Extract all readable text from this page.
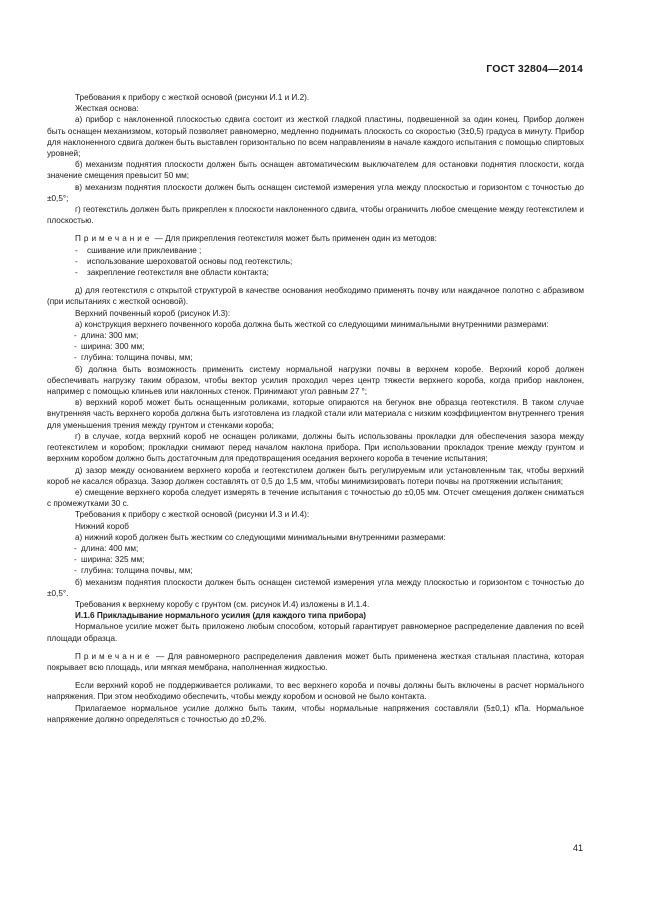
ГОСТ 32804—2014

Требования к прибору с жесткой основой (рисунки И.1 и И.2).

Жесткая основа:

а) прибор с наклоненной плоскостью сдвига состоит из жесткой гладкой пластины, подвешенной за один конец. Прибор должен быть оснащен механизмом, который позволяет равномерно, медленно поднимать плоскость со скоростью (3±0,5) градуса в минуту. Прибор для наклоненного сдвига должен быть выставлен горизонтально по всем направлениям в начале каждого испытания с помощью спиртовых уровней;

б) механизм поднятия плоскости должен быть оснащен автоматическим выключателем для остановки поднятия плоскости, когда значение смещения превысит 50 мм;

в) механизм поднятия плоскости должен быть оснащен системой измерения угла между плоскостью и горизонтом с точностью до ±0,5°;

г) геотекстиль должен быть прикреплен к плоскости наклоненного сдвига, чтобы ограничить любое смещение между геотекстилем и плоскостью.

Примечание — Для прикрепления геотекстиля может быть применен один из методов:

- сшивание или приклеивание ;
- использование шероховатой основы под геотекстиль;
- закрепление геотекстиля вне области контакта;

д) для геотекстиля с открытой структурой в качестве основания необходимо применять почву или наждачное полотно с абразивом (при испытаниях с жесткой основой).

Верхний почвенный короб (рисунок И.3):

а) конструкция верхнего почвенного короба должна быть жесткой со следующими минимальными внутренними размерами:

- длина: 300 мм;
- ширина: 300 мм;
- глубина: толщина почвы, мм;

б) должна быть возможность применить систему нормальной нагрузки почвы в верхнем коробе. Верхний короб должен обеспечивать нагрузку таким образом, чтобы вектор усилия проходил через центр тяжести верхнего короба, когда прибор наклонен, например с помощью клиньев или наклонных стенок. Принимают угол равным 27 °;

в) верхний короб может быть оснащенным роликами, которые опираются на бегунок вне образца геотекстиля. В таком случае внутренняя часть верхнего короба должна быть изготовлена из гладкой стали или материала с низким коэффициентом внутреннего трения для уменьшения трения между грунтом и стенками короба;

г) в случае, когда верхний короб не оснащен роликами, должны быть использованы прокладки для обеспечения зазора между геотекстилем и коробом; прокладки снимают перед началом наклона прибора. При использовании прокладок трение между грунтом и верхним коробом должно быть достаточным для предотвращения оседания верхнего короба в течение испытания;

д) зазор между основанием верхнего короба и геотекстилем должен быть регулируемым или установленным так, чтобы верхний короб не касался образца. Зазор должен составлять от 0,5 до 1,5 мм, чтобы минимизировать потери почвы на протяжении испытания;

е) смещение верхнего короба следует измерять в течение испытания с точностью до ±0,05 мм. Отсчет смещения должен сниматься с промежутками 30 с.

Требования к прибору с жесткой основой (рисунки И.3 и И.4):

Нижний короб

а) нижний короб должен быть жестким со следующими минимальными внутренними размерами:

- длина: 400 мм;
- ширина: 325 мм;
- глубина: толщина почвы, мм;

б) механизм поднятия плоскости должен быть оснащен системой измерения угла между плоскостью и горизонтом с точностью до ±0,5°.

Требования к верхнему коробу с грунтом (см. рисунок И.4) изложены в И.1.4.

И.1.6 Прикладывание нормального усилия (для каждого типа прибора)

Нормальное усилие может быть приложено любым способом, который гарантирует равномерное распределение давления по всей площади образца.

Примечание — Для равномерного распределения давления может быть применена жесткая стальная пластина, которая покрывает всю площадь, или мягкая мембрана, наполненная жидкостью.

Если верхний короб не поддерживается роликами, то вес верхнего короба и почвы должны быть включены в расчет нормального напряжения. При этом необходимо обеспечить, чтобы между коробом и основой не было контакта.

Прилагаемое нормальное усилие должно быть таким, чтобы нормальные напряжения составляли (5±0,1) кПа. Нормальное напряжение должно определяться с точностью до ±0,2%.

41
